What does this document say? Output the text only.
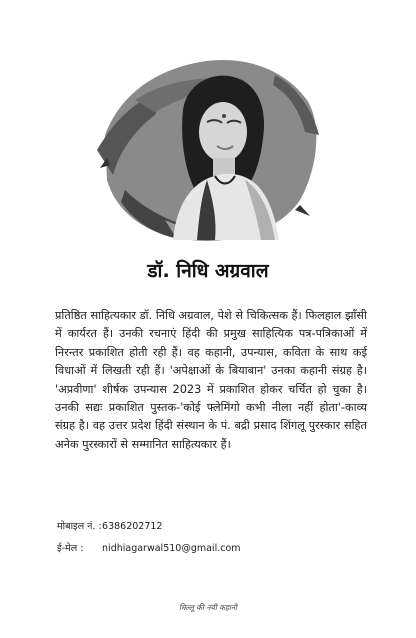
डॉ. निधि अग्रवाल

प्रतिष्ठित साहित्यकार डॉ. निधि अग्रवाल, पेशे से चिकित्सक हैं। फिलहाल झाँसी में कार्यरत हैं। उनकी रचनाएं हिंदी की प्रमुख साहित्यिक पत्र-पत्रिकाओं में निरन्तर प्रकाशित होती रही हैं। वह कहानी, उपन्यास, कविता के साथ कई विधाओं में लिखती रही हैं। 'अपेक्षाओं के बियाबान' उनका कहानी संग्रह है। 'अप्रवीणा' शीर्षक उपन्यास 2023 में प्रकाशित होकर चर्चित हो चुका है। उनकी सद्यः प्रकाशित पुस्तक-'कोई फ्लेमिंगो कभी नीला नहीं होता'-काव्य संग्रह है। वह उत्तर प्रदेश हिंदी संस्थान के पं. बद्री प्रसाद शिंगलू पुरस्कार सहित अनेक पुरस्कारों से सम्मानित साहित्यकार हैं।

मोबाइल नं. : 6386202712
ई-मेल : nidhiagarwal510@gmail.com
मिल्लू की नयी कहानी
